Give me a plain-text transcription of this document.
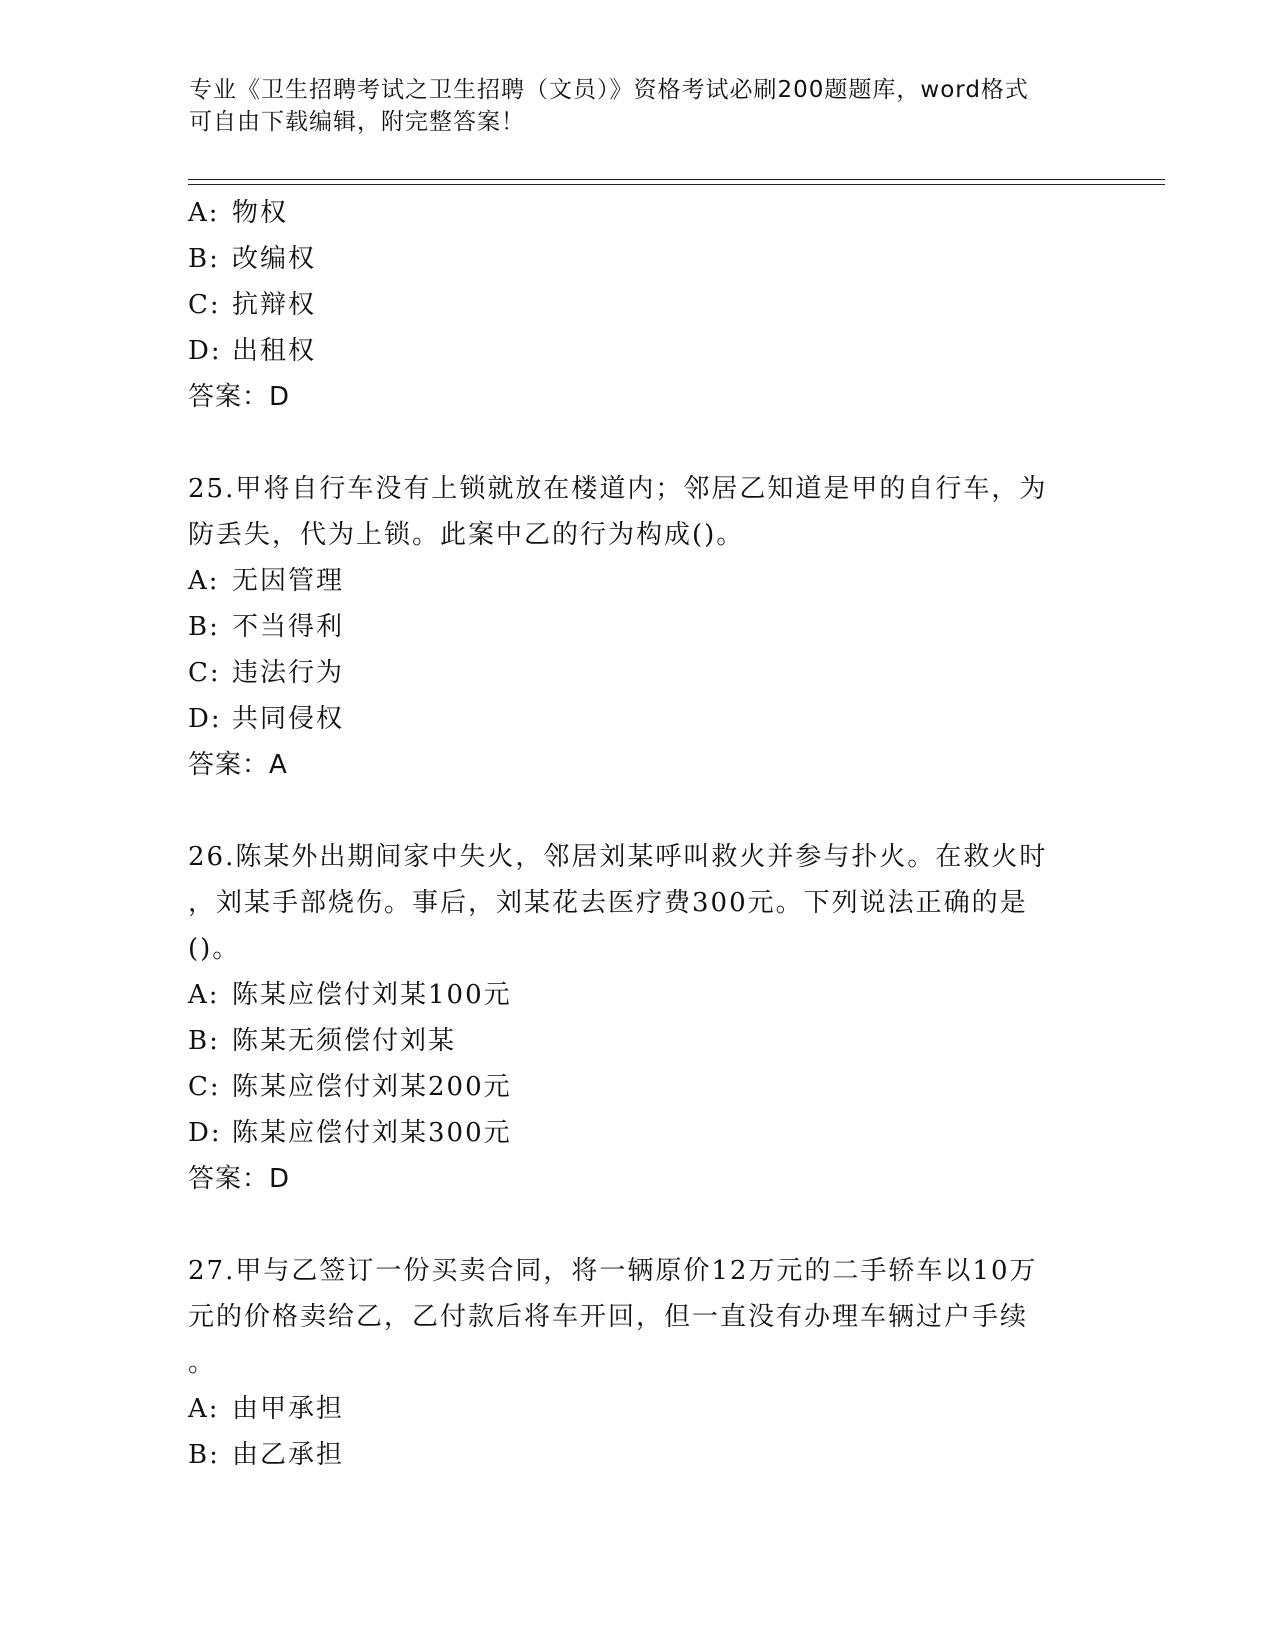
专业《卫生招聘考试之卫生招聘（文员）》资格考试必刷200题题库，word格式
可自由下载编辑，附完整答案！
A: 物权
B: 改编权
C: 抗辩权
D: 出租权
答案：D
25.甲将自行车没有上锁就放在楼道内；邻居乙知道是甲的自行车，为
防丢失，代为上锁。此案中乙的行为构成()。
A: 无因管理
B: 不当得利
C: 违法行为
D: 共同侵权
答案：A
26.陈某外出期间家中失火，邻居刘某呼叫救火并参与扑火。在救火时
，刘某手部烧伤。事后，刘某花去医疗费300元。下列说法正确的是
()。
A: 陈某应偿付刘某100元
B: 陈某无须偿付刘某
C: 陈某应偿付刘某200元
D: 陈某应偿付刘某300元
答案：D
27.甲与乙签订一份买卖合同，将一辆原价12万元的二手轿车以10万
元的价格卖给乙，乙付款后将车开回，但一直没有办理车辆过户手续
。
A: 由甲承担
B: 由乙承担
